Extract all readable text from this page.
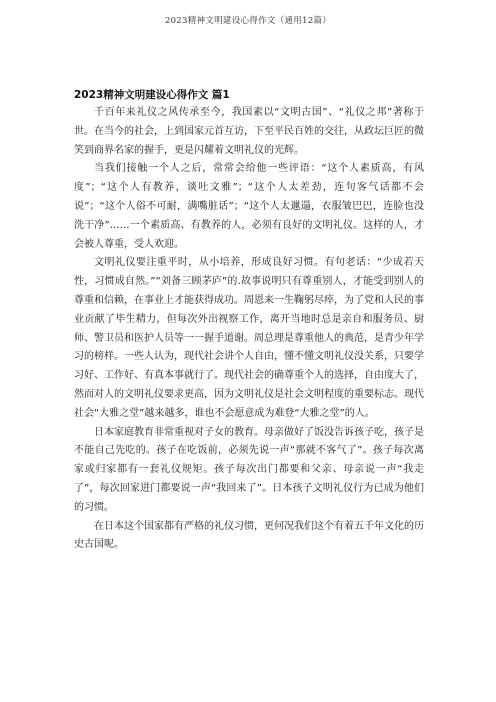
2023精神文明建设心得作文（通用12篇）
2023精神文明建设心得作文 篇1

千百年来礼仪之风传承至今，我国素以“文明古国”、“礼仪之邦”著称于世。在当今的社会，上到国家元首互访，下至平民百姓的交往，从政坛巨匠的微笑到商界名家的握手，更是闪耀着文明礼仪的光辉。

当我们接触一个人之后，常常会给他一些评语：“这个人素质高，有风度”；“这个人有教养，谈吐文雅”；“这个人太差劲，连句客气话都不会说”；“这个人俗不可耐，满嘴脏话”；“这个人太邋遢，衣服皱巴巴，连脸也没洗干净”……一个素质高、有教养的人，必须有良好的文明礼仪。这样的人，才会被人尊重，受人欢迎。

文明礼仪要注重平时，从小培养，形成良好习惯。有句老话：“少成若天性，习惯成自然。”“刘备三顾茅庐”的.故事说明只有尊重别人，才能受到别人的尊重和信赖，在事业上才能获得成功。周恩来一生鞠躬尽瘁，为了党和人民的事业贡献了毕生精力，但每次外出视察工作，离开当地时总是亲自和服务员、厨师、警卫员和医护人员等一一握手道谢。周总理是尊重他人的典范，是青少年学习的榜样。一些人认为，现代社会讲个人自由，懂不懂文明礼仪没关系，只要学习好、工作好、有真本事就行了。现代社会的确尊重个人的选择，自由度大了，然而对人的文明礼仪要求更高，因为文明礼仪是社会文明程度的重要标志。现代社会“大雅之堂”越来越多，谁也不会愿意成为难登“大雅之堂”的人。

日本家庭教育非常重视对子女的教育。母亲做好了饭没告诉孩子吃，孩子是不能自己先吃的。孩子在吃饭前，必须先说一声“那就不客气了”。孩子每次离家或归家都有一套礼仪规矩。孩子每次出门都要和父亲、母亲说一声“我走了”，每次回家进门都要说一声“我回来了”。日本孩子文明礼仪行为已成为他们的习惯。

在日本这个国家都有严格的礼仪习惯，更何况我们这个有着五千年文化的历史古国呢。
